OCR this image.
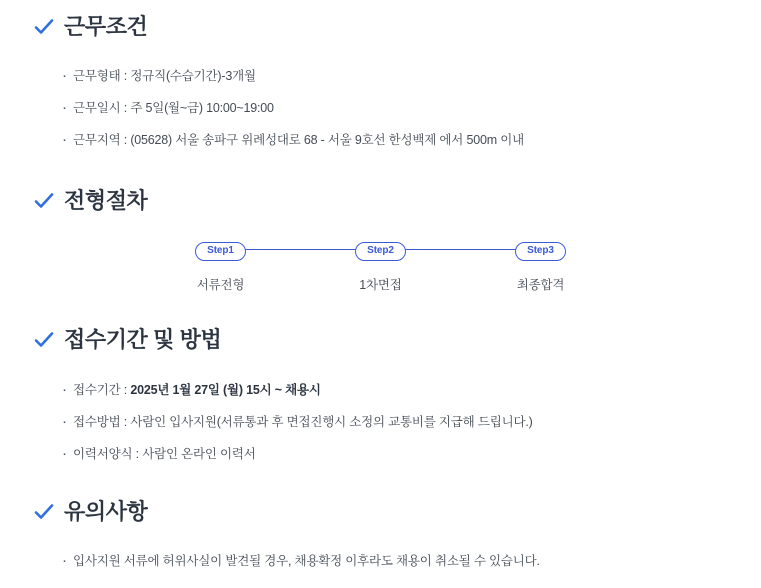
근무조건
· 근무형태 : 정규직(수습기간)-3개월
· 근무일시 : 주 5일(월~금) 10:00~19:00
· 근무지역 : (05628) 서울 송파구 위례성대로 68 - 서울 9호선 한성백제 에서 500m 이내
전형절차
Step1
서류전형
Step2
1차면접
Step3
최종합격
접수기간 및 방법
· 접수기간 : 2025년 1월 27일 (월) 15시 ~ 채용시
· 접수방법 : 사람인 입사지원(서류통과 후 면접진행시 소정의 교통비를 지급해 드립니다.)
· 이력서양식 : 사람인 온라인 이력서
유의사항
· 입사지원 서류에 허위사실이 발견될 경우, 채용확정 이후라도 채용이 취소될 수 있습니다.
